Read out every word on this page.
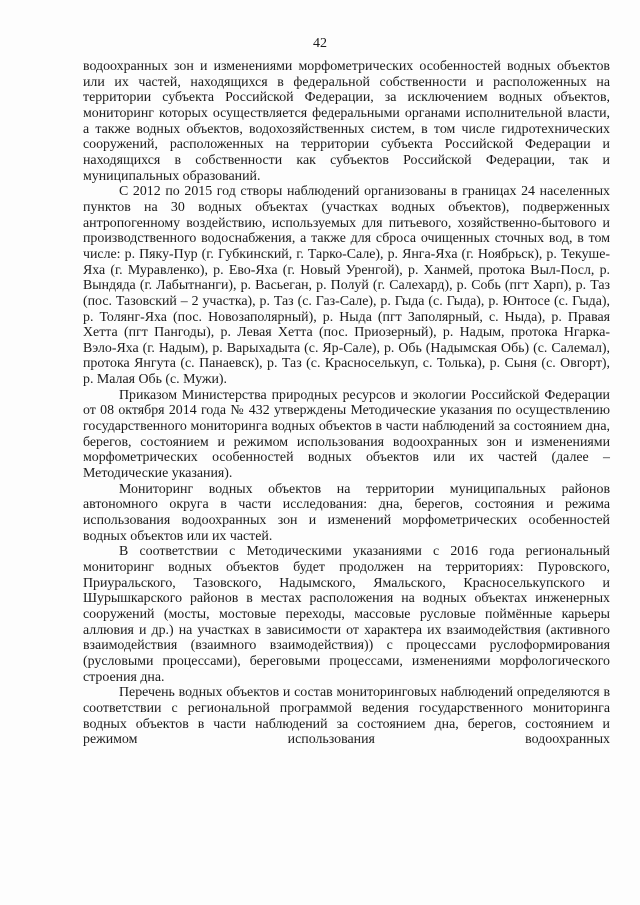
42

водоохранных зон и изменениями морфометрических особенностей водных объектов или их частей, находящихся в федеральной собственности и расположенных на территории субъекта Российской Федерации, за исключением водных объектов, мониторинг которых осуществляется федеральными органами исполнительной власти, а также водных объектов, водохозяйственных систем, в том числе гидротехнических сооружений, расположенных на территории субъекта Российской Федерации и находящихся в собственности как субъектов Российской Федерации, так и муниципальных образований.

С 2012 по 2015 год створы наблюдений организованы в границах 24 населенных пунктов на 30 водных объектах (участках водных объектов), подверженных антропогенному воздействию, используемых для питьевого, хозяйственно-бытового и производственного водоснабжения, а также для сброса очищенных сточных вод, в том числе: р. Пяку-Пур (г. Губкинский, г. Тарко-Сале), р. Янга-Яха (г. Ноябрьск), р. Текуше-Яха (г. Муравленко), р. Ево-Яха (г. Новый Уренгой), р. Ханмей, протока Выл-Посл, р. Вындяда (г. Лабытнанги), р. Васьеган, р. Полуй (г. Салехард), р. Собь (пгт Харп), р. Таз (пос. Тазовский – 2 участка), р. Таз (с. Газ-Сале), р. Гыда (с. Гыда), р. Юнтосе (с. Гыда), р. Толянг-Яха (пос. Новозаполярный), р. Ныда (пгт Заполярный, с. Ныда), р. Правая Хетта (пгт Пангоды), р. Левая Хетта (пос. Приозерный), р. Надым, протока Нгарка-Вэло-Яха (г. Надым), р. Варыхадыта (с. Яр-Сале), р. Обь (Надымская Обь) (с. Салемал), протока Янгута (с. Панаевск), р. Таз (с. Красноселькуп, с. Толька), р. Сыня (с. Овгорт), р. Малая Обь (с. Мужи).

Приказом Министерства природных ресурсов и экологии Российской Федерации от 08 октября 2014 года № 432 утверждены Методические указания по осуществлению государственного мониторинга водных объектов в части наблюдений за состоянием дна, берегов, состоянием и режимом использования водоохранных зон и изменениями морфометрических особенностей водных объектов или их частей (далее – Методические указания).

Мониторинг водных объектов на территории муниципальных районов автономного округа в части исследования: дна, берегов, состояния и режима использования водоохранных зон и изменений морфометрических особенностей водных объектов или их частей.

В соответствии с Методическими указаниями с 2016 года региональный мониторинг водных объектов будет продолжен на территориях: Пуровского, Приуральского, Тазовского, Надымского, Ямальского, Красноселькупского и Шурышкарского районов в местах расположения на водных объектах инженерных сооружений (мосты, мостовые переходы, массовые русловые поймённые карьеры аллювия и др.) на участках в зависимости от характера их взаимодействия (активного взаимодействия (взаимного взаимодействия)) с процессами руслоформирования (русловыми процессами), береговыми процессами, изменениями морфологического строения дна.

Перечень водных объектов и состав мониторинговых наблюдений определяются в соответствии с региональной программой ведения государственного мониторинга водных объектов в части наблюдений за состоянием дна, берегов, состоянием и режимом использования водоохранных
